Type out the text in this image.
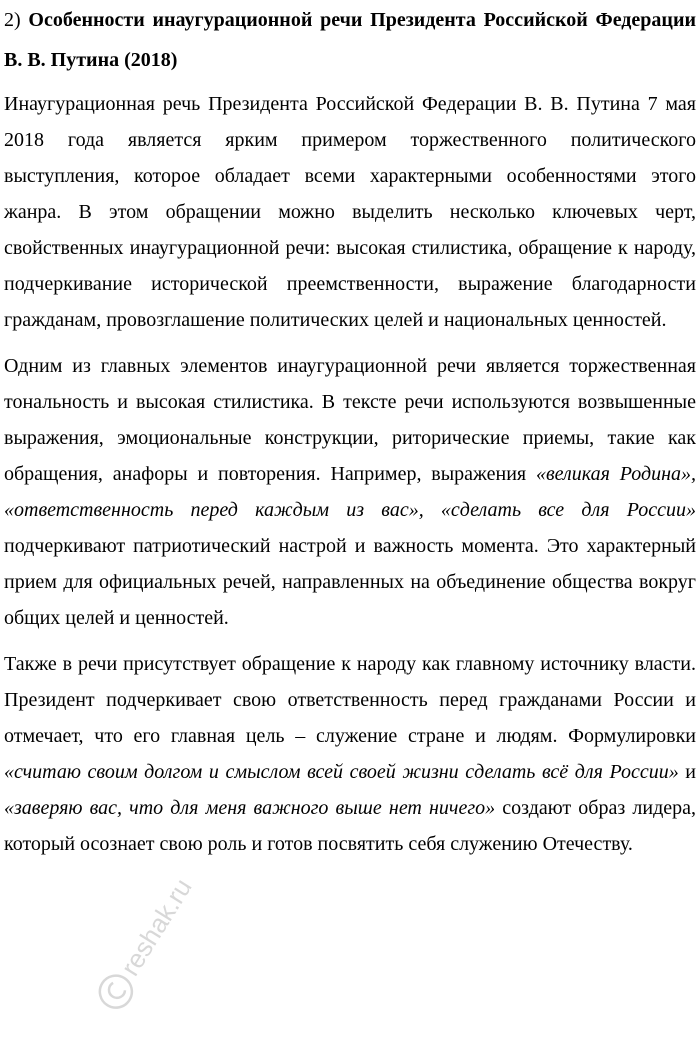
2) Особенности инаугурационной речи Президента Российской Федерации В. В. Путина (2018)

Инаугурационная речь Президента Российской Федерации В. В. Путина 7 мая 2018 года является ярким примером торжественного политического выступления, которое обладает всеми характерными особенностями этого жанра. В этом обращении можно выделить несколько ключевых черт, свойственных инаугурационной речи: высокая стилистика, обращение к народу, подчеркивание исторической преемственности, выражение благодарности гражданам, провозглашение политических целей и национальных ценностей.

Одним из главных элементов инаугурационной речи является торжественная тональность и высокая стилистика. В тексте речи используются возвышенные выражения, эмоциональные конструкции, риторические приемы, такие как обращения, анафоры и повторения. Например, выражения «великая Родина», «ответственность перед каждым из вас», «сделать все для России» подчеркивают патриотический настрой и важность момента. Это характерный прием для официальных речей, направленных на объединение общества вокруг общих целей и ценностей.

Также в речи присутствует обращение к народу как главному источнику власти. Президент подчеркивает свою ответственность перед гражданами России и отмечает, что его главная цель – служение стране и людям. Формулировки «считаю своим долгом и смыслом всей своей жизни сделать всё для России» и «заверяю вас, что для меня важного выше нет ничего» создают образ лидера, который осознает свою роль и готов посвятить себя служению Отечеству.

reshak.ru
